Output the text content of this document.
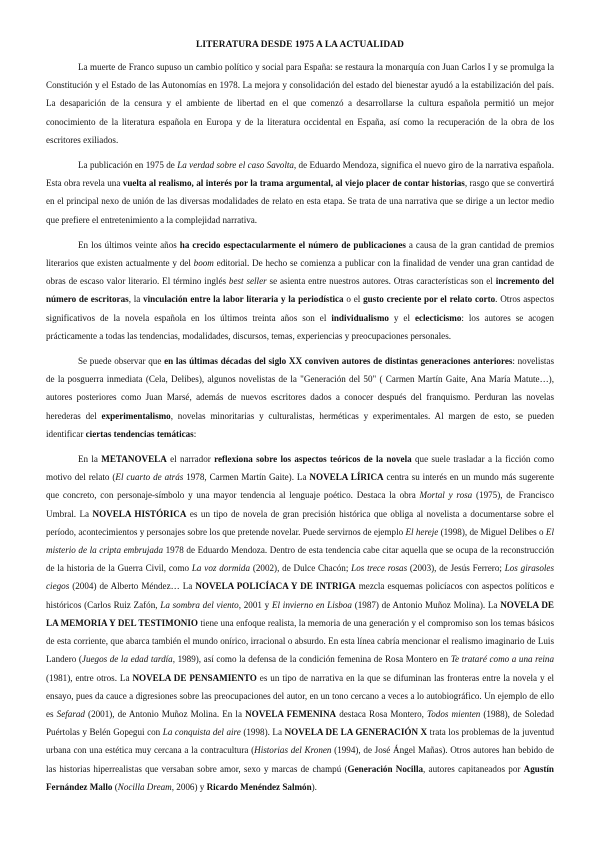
LITERATURA DESDE 1975 A LA ACTUALIDAD

La muerte de Franco supuso un cambio político y social para España: se restaura la monarquía con Juan Carlos I y se promulga la Constitución y el Estado de las Autonomías en 1978. La mejora y consolidación del estado del bienestar ayudó a la estabilización del país. La desaparición de la censura y el ambiente de libertad en el que comenzó a desarrollarse la cultura española permitió un mejor conocimiento de la literatura española en Europa y de la literatura occidental en España, así como la recuperación de la obra de los escritores exiliados.

La publicación en 1975 de La verdad sobre el caso Savolta, de Eduardo Mendoza, significa el nuevo giro de la narrativa española. Esta obra revela una vuelta al realismo, al interés por la trama argumental, al viejo placer de contar historias, rasgo que se convertirá en el principal nexo de unión de las diversas modalidades de relato en esta etapa. Se trata de una narrativa que se dirige a un lector medio que prefiere el entretenimiento a la complejidad narrativa.

En los últimos veinte años ha crecido espectacularmente el número de publicaciones a causa de la gran cantidad de premios literarios que existen actualmente y del boom editorial. De hecho se comienza a publicar con la finalidad de vender una gran cantidad de obras de escaso valor literario. El término inglés best seller se asienta entre nuestros autores. Otras características son el incremento del número de escritoras, la vinculación entre la labor literaria y la periodística o el gusto creciente por el relato corto. Otros aspectos significativos de la novela española en los últimos treinta años son el individualismo y el eclecticismo: los autores se acogen prácticamente a todas las tendencias, modalidades, discursos, temas, experiencias y preocupaciones personales.

Se puede observar que en las últimas décadas del siglo XX conviven autores de distintas generaciones anteriores: novelistas de la posguerra inmediata (Cela, Delibes), algunos novelistas de la "Generación del 50" ( Carmen Martín Gaite, Ana María Matute…), autores posteriores como Juan Marsé, además de nuevos escritores dados a conocer después del franquismo. Perduran las novelas herederas del experimentalismo, novelas minoritarias y culturalistas, herméticas y experimentales. Al margen de esto, se pueden identificar ciertas tendencias temáticas:

En la METANOVELA el narrador reflexiona sobre los aspectos teóricos de la novela que suele trasladar a la ficción como motivo del relato (El cuarto de atrás 1978, Carmen Martín Gaite). La NOVELA LÍRICA centra su interés en un mundo más sugerente que concreto, con personaje-símbolo y una mayor tendencia al lenguaje poético. Destaca la obra Mortal y rosa (1975), de Francisco Umbral. La NOVELA HISTÓRICA es un tipo de novela de gran precisión histórica que obliga al novelista a documentarse sobre el período, acontecimientos y personajes sobre los que pretende novelar. Puede servirnos de ejemplo El hereje (1998), de Miguel Delibes o El misterio de la cripta embrujada 1978 de Eduardo Mendoza. Dentro de esta tendencia cabe citar aquella que se ocupa de la reconstrucción de la historia de la Guerra Civil, como La voz dormida (2002), de Dulce Chacón; Los trece rosas (2003), de Jesús Ferrero; Los girasoles ciegos (2004) de Alberto Méndez… La NOVELA POLICÍACA Y DE INTRIGA mezcla esquemas policíacos con aspectos políticos e históricos (Carlos Ruiz Zafón, La sombra del viento, 2001 y El invierno en Lisboa (1987) de Antonio Muñoz Molina). La NOVELA DE LA MEMORIA Y DEL TESTIMONIO tiene una enfoque realista, la memoria de una generación y el compromiso son los temas básicos de esta corriente, que abarca también el mundo onírico, irracional o absurdo. En esta línea cabría mencionar el realismo imaginario de Luis Landero (Juegos de la edad tardía, 1989), así como la defensa de la condición femenina de Rosa Montero en Te trataré como a una reina (1981), entre otros. La NOVELA DE PENSAMIENTO es un tipo de narrativa en la que se difuminan las fronteras entre la novela y el ensayo, pues da cauce a digresiones sobre las preocupaciones del autor, en un tono cercano a veces a lo autobiográfico. Un ejemplo de ello es Sefarad (2001), de Antonio Muñoz Molina. En la NOVELA FEMENINA destaca Rosa Montero, Todos mienten (1988), de Soledad Puértolas y Belén Gopegui con La conquista del aire (1998). La NOVELA DE LA GENERACIÓN X trata los problemas de la juventud urbana con una estética muy cercana a la contracultura (Historias del Kronen (1994), de José Ángel Mañas). Otros autores han bebido de las historias hiperrealistas que versaban sobre amor, sexo y marcas de champú (Generación Nocilla, autores capitaneados por Agustín Fernández Mallo (Nocilla Dream, 2006) y Ricardo Menéndez Salmón).
